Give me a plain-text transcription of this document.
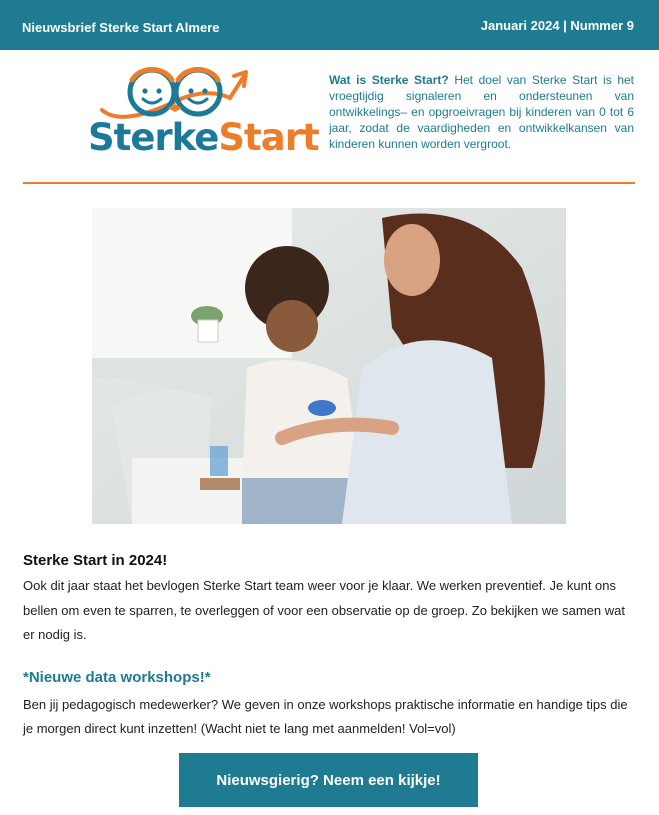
Nieuwsbrief Sterke Start Almere	Januari 2024 | Nummer 9
SterkeStart
Wat is Sterke Start? Het doel van Sterke Start is het vroegtijdig signaleren en ondersteunen van ontwikkelings– en opgroeivragen bij kinderen van 0 tot 6 jaar, zodat de vaardigheden en ontwikkelkansen van kinderen kunnen worden vergroot.
Sterke Start in 2024!
Ook dit jaar staat het bevlogen Sterke Start team weer voor je klaar. We werken preventief. Je kunt ons bellen om even te sparren, te overleggen of voor een observatie op de groep. Zo bekijken we samen wat er nodig is.
*Nieuwe data workshops!*
Ben jij pedagogisch medewerker? We geven in onze workshops praktische informatie en handige tips die je morgen direct kunt inzetten! (Wacht niet te lang met aanmelden! Vol=vol)
Nieuwsgierig? Neem een kijkje!
